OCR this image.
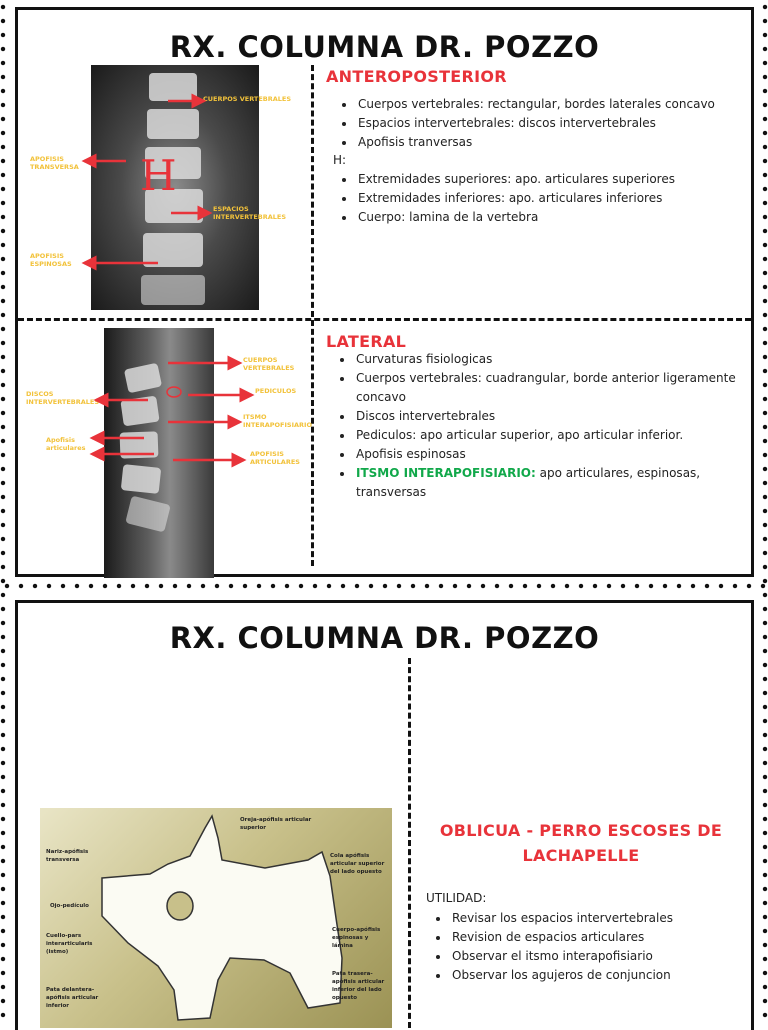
RX. COLUMNA DR. POZZO
CUERPOS VERTEBRALES
APOFISIS TRANSVERSA
ESPACIOS INTERVERTEBRALES
APOFISIS ESPINOSAS
H
ANTEROPOSTERIOR
• Cuerpos vertebrales: rectangular, bordes laterales concavo
• Espacios intervertebrales: discos intervertebrales
• Apofisis tranversas
H:
• Extremidades superiores: apo. articulares superiores
• Extremidades inferiores: apo. articulares inferiores
• Cuerpo: lamina de la vertebra
CUERPOS VERTEBRALES
PEDICULOS
DISCOS INTERVERTEBRALES
ITSMO INTERAPOFISIARIO
Apofisis articulares
APOFISIS ARTICULARES
LATERAL
• Curvaturas fisiologicas
• Cuerpos vertebrales: cuadrangular, borde anterior ligeramente concavo
• Discos intervertebrales
• Pediculos: apo articular superior, apo articular inferior.
• Apofisis espinosas
• ITSMO INTERAPOFISIARIO: apo articulares, espinosas, transversas
RX. COLUMNA DR. POZZO
Oreja-apófisis articular superior
Nariz-apófisis transversa
Cola apófisis articular superior del lado opuesto
Ojo-pedículo
Cuello-pars interarticularis (istmo)
Cuerpo-apófisis espinosas y lámina
Pata delantera-apófisis articular inferior
Pata trasera-apófisis articular inferior del lado opuesto
OBLICUA - PERRO ESCOSES DE
LACHAPELLE
UTILIDAD:
• Revisar los espacios intervertebrales
• Revision de espacios articulares
• Observar el itsmo interapofisiario
• Observar los agujeros de conjuncion
